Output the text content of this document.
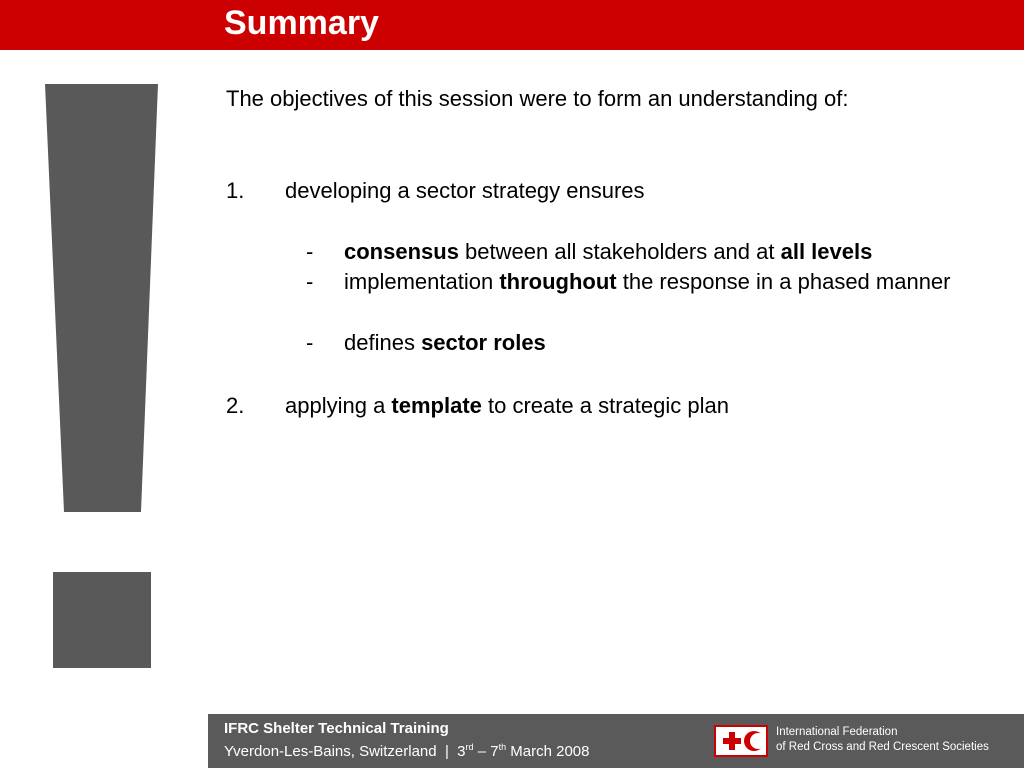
Summary
The objectives of this session were to form an understanding of:
1. developing a sector strategy ensures
- consensus between all stakeholders and at all levels
- implementation throughout the response in a phased manner
- defines sector roles
2. applying a template to create a strategic plan
IFRC Shelter Technical Training
Yverdon-Les-Bains, Switzerland  |  3rd – 7th March 2008
International Federation
of Red Cross and Red Crescent Societies
